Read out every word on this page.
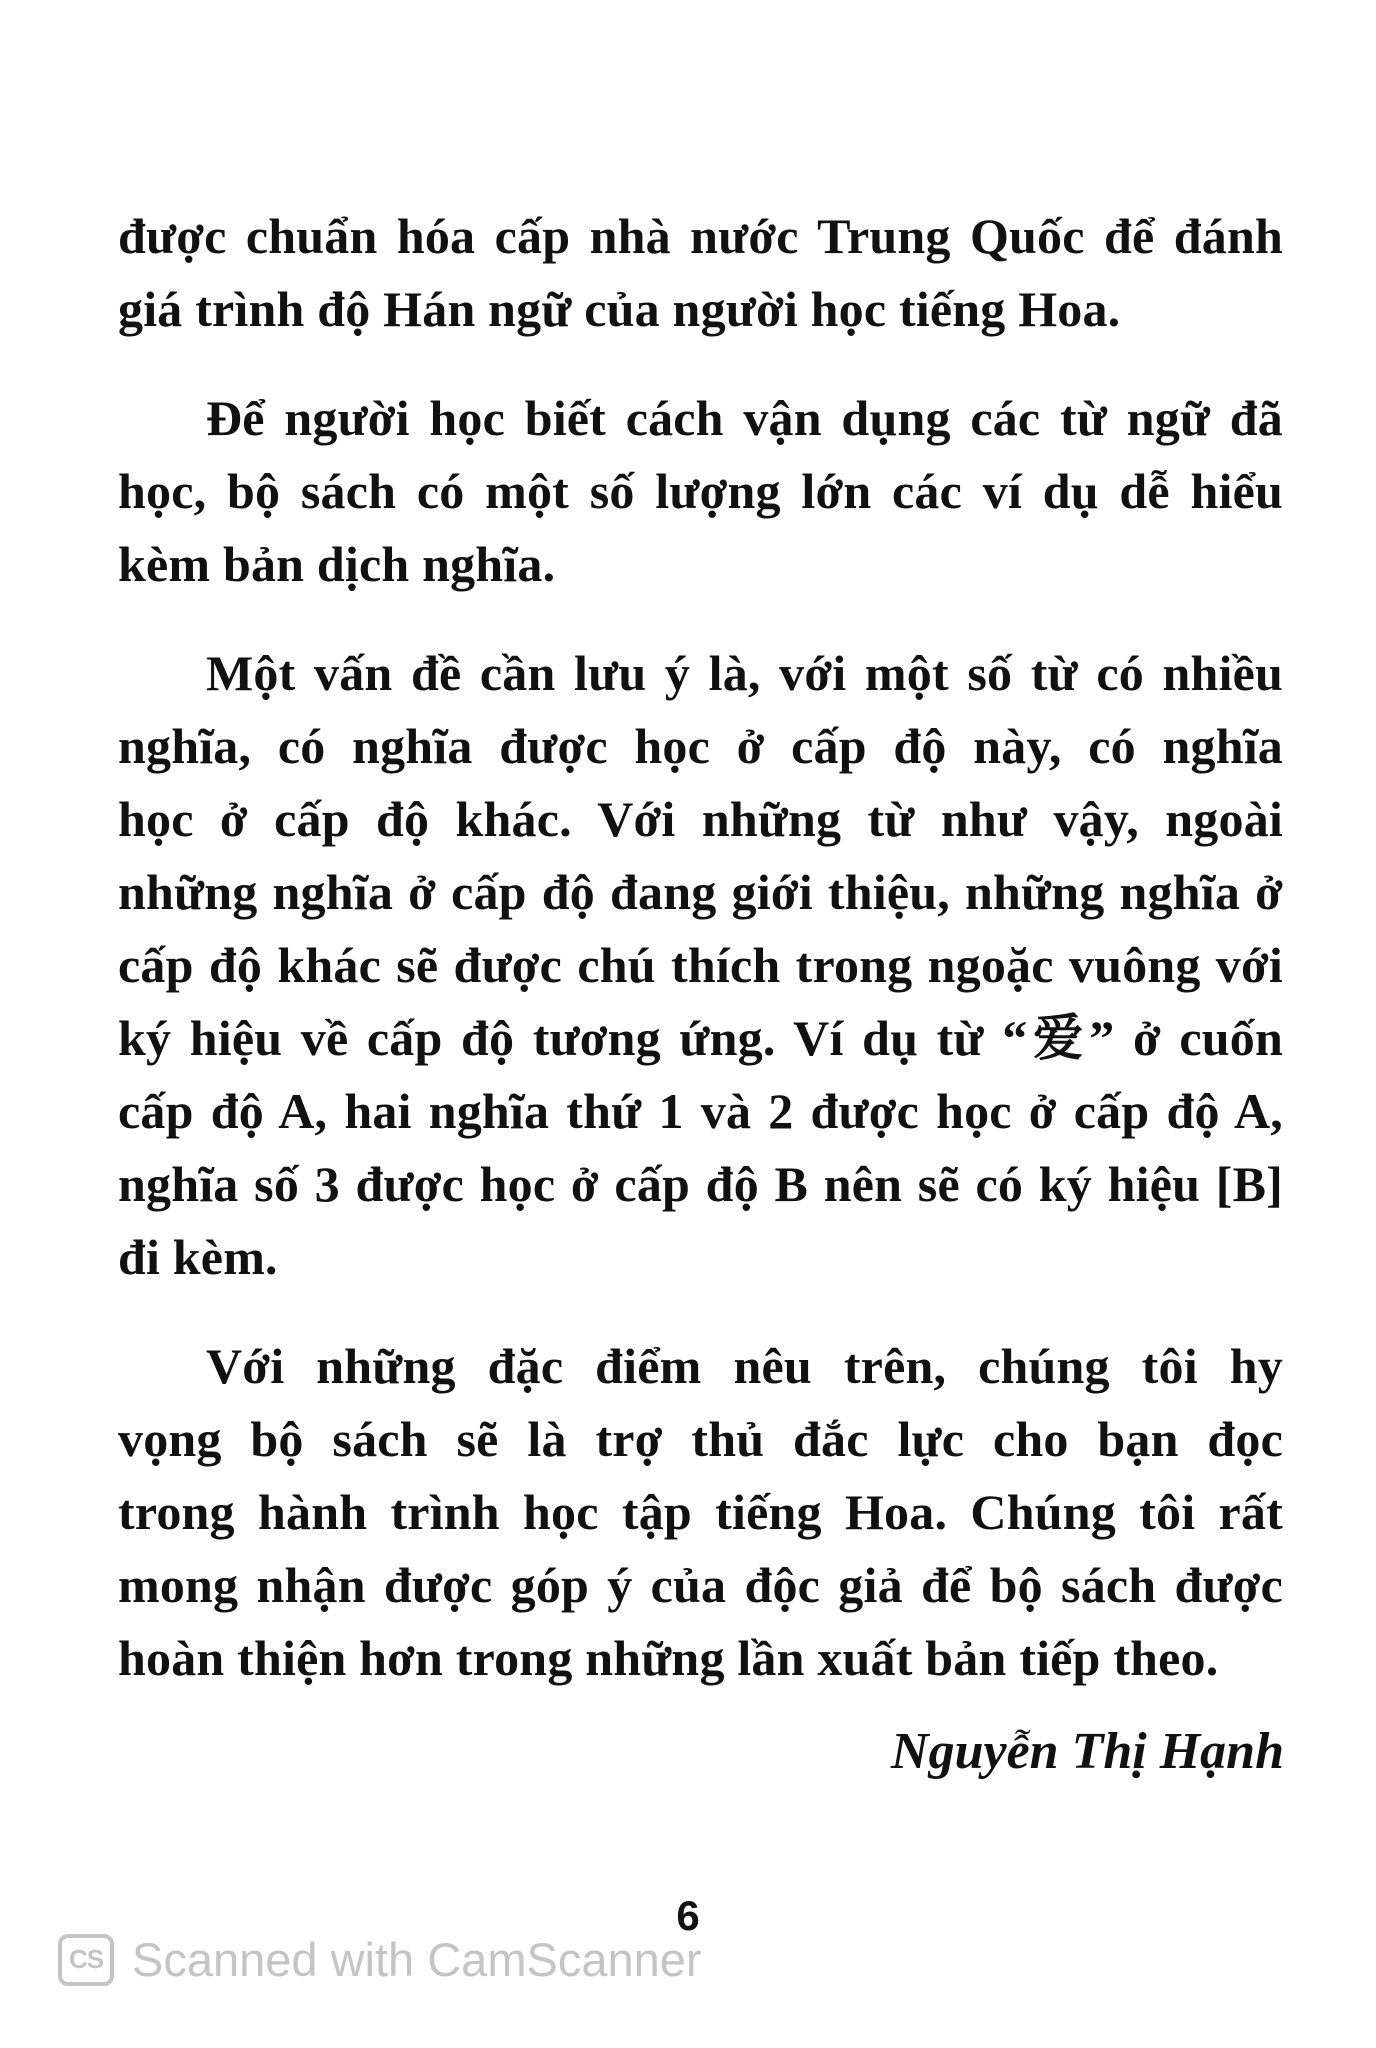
được chuẩn hóa cấp nhà nước Trung Quốc để đánh
giá trình độ Hán ngữ của người học tiếng Hoa.

Để người học biết cách vận dụng các từ ngữ đã
học, bộ sách có một số lượng lớn các ví dụ dễ hiểu
kèm bản dịch nghĩa.

Một vấn đề cần lưu ý là, với một số từ có nhiều
nghĩa, có nghĩa được học ở cấp độ này, có nghĩa
học ở cấp độ khác. Với những từ như vậy, ngoài
những nghĩa ở cấp độ đang giới thiệu, những nghĩa ở
cấp độ khác sẽ được chú thích trong ngoặc vuông với
ký hiệu về cấp độ tương ứng. Ví dụ từ “爱” ở cuốn
cấp độ A, hai nghĩa thứ 1 và 2 được học ở cấp độ A,
nghĩa số 3 được học ở cấp độ B nên sẽ có ký hiệu [B]
đi kèm.

Với những đặc điểm nêu trên, chúng tôi hy
vọng bộ sách sẽ là trợ thủ đắc lực cho bạn đọc
trong hành trình học tập tiếng Hoa. Chúng tôi rất
mong nhận được góp ý của độc giả để bộ sách được
hoàn thiện hơn trong những lần xuất bản tiếp theo.

Nguyễn Thị Hạnh
6
CS Scanned with CamScanner
